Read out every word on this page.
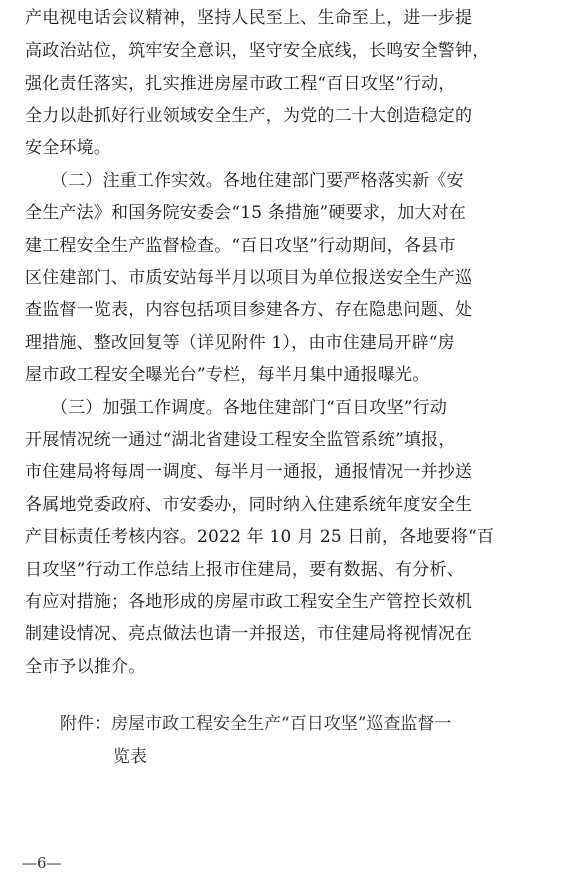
产电视电话会议精神，坚持人民至上、生命至上，进一步提
高政治站位，筑牢安全意识，坚守安全底线，长鸣安全警钟，
强化责任落实，扎实推进房屋市政工程“百日攻坚”行动，
全力以赴抓好行业领域安全生产，为党的二十大创造稳定的
安全环境。
　　（二）注重工作实效。各地住建部门要严格落实新《安
全生产法》和国务院安委会“15 条措施”硬要求，加大对在
建工程安全生产监督检查。“百日攻坚”行动期间，各县市
区住建部门、市质安站每半月以项目为单位报送安全生产巡
查监督一览表，内容包括项目参建各方、存在隐患问题、处
理措施、整改回复等（详见附件 1），由市住建局开辟“房
屋市政工程安全曝光台”专栏，每半月集中通报曝光。
　　（三）加强工作调度。各地住建部门“百日攻坚”行动
开展情况统一通过“湖北省建设工程安全监管系统”填报，
市住建局将每周一调度、每半月一通报，通报情况一并抄送
各属地党委政府、市安委办，同时纳入住建系统年度安全生
产目标责任考核内容。2022 年 10 月 25 日前，各地要将“百
日攻坚”行动工作总结上报市住建局，要有数据、有分析、
有应对措施；各地形成的房屋市政工程安全生产管控长效机
制建设情况、亮点做法也请一并报送，市住建局将视情况在
全市予以推介。
附件：房屋市政工程安全生产“百日攻坚”巡查监督一
览表
—6—
